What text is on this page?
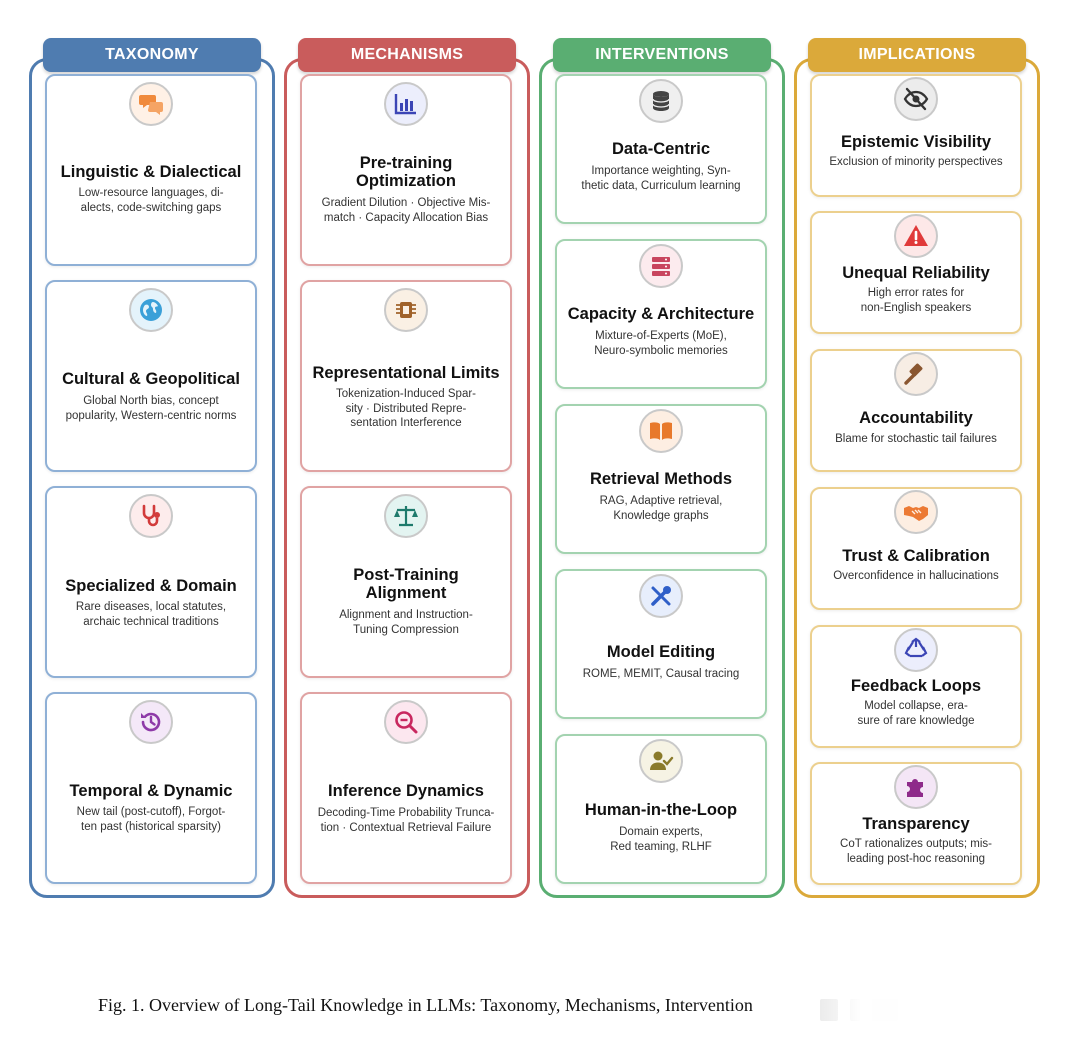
TAXONOMY	MECHANISMS	INTERVENTIONS	IMPLICATIONS
Linguistic & Dialectical
Low-resource languages, di-
alects, code-switching gaps
Cultural & Geopolitical
Global North bias, concept
popularity, Western-centric norms
Specialized & Domain
Rare diseases, local statutes,
archaic technical traditions
Temporal & Dynamic
New tail (post-cutoff), Forgot-
ten past (historical sparsity)
Pre-training
Optimization
Gradient Dilution · Objective Mis-
match · Capacity Allocation Bias
Representational Limits
Tokenization-Induced Spar-
sity · Distributed Repre-
sentation Interference
Post-Training
Alignment
Alignment and Instruction-
Tuning Compression
Inference Dynamics
Decoding-Time Probability Trunca-
tion · Contextual Retrieval Failure
Data-Centric
Importance weighting, Syn-
thetic data, Curriculum learning
Capacity & Architecture
Mixture-of-Experts (MoE),
Neuro-symbolic memories
Retrieval Methods
RAG, Adaptive retrieval,
Knowledge graphs
Model Editing
ROME, MEMIT, Causal tracing
Human-in-the-Loop
Domain experts,
Red teaming, RLHF
Epistemic Visibility
Exclusion of minority perspectives
Unequal Reliability
High error rates for
non-English speakers
Accountability
Blame for stochastic tail failures
Trust & Calibration
Overconfidence in hallucinations
Feedback Loops
Model collapse, era-
sure of rare knowledge
Transparency
CoT rationalizes outputs; mis-
leading post-hoc reasoning
Fig. 1. Overview of Long-Tail Knowledge in LLMs: Taxonomy, Mechanisms, Intervention
